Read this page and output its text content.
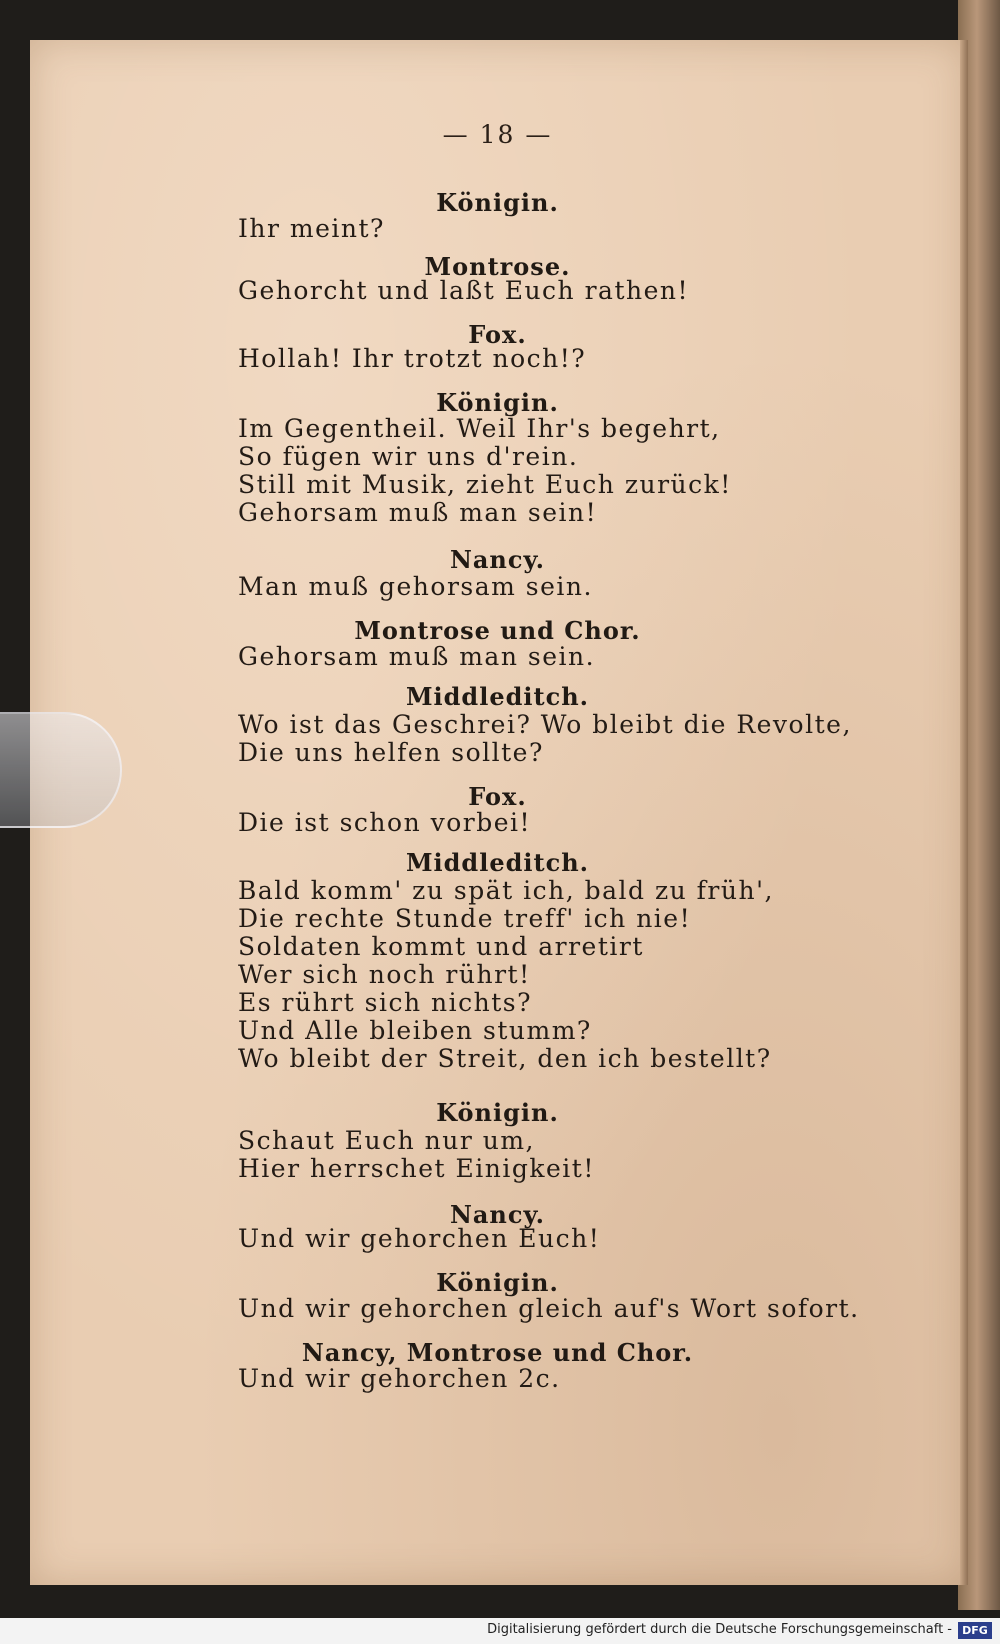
— 18 —
Königin.
Ihr meint?
Montrose.
Gehorcht und laßt Euch rathen!
Fox.
Hollah! Ihr trotzt noch!?
Königin.
Im Gegentheil. Weil Ihr's begehrt,
So fügen wir uns d'rein.
Still mit Musik, zieht Euch zurück!
Gehorsam muß man sein!
Nancy.
Man muß gehorsam sein.
Montrose und Chor.
Gehorsam muß man sein.
Middleditch.
Wo ist das Geschrei? Wo bleibt die Revolte,
Die uns helfen sollte?
Fox.
Die ist schon vorbei!
Middleditch.
Bald komm' zu spät ich, bald zu früh',
Die rechte Stunde treff' ich nie!
Soldaten kommt und arretirt
Wer sich noch rührt!
Es rührt sich nichts?
Und Alle bleiben stumm?
Wo bleibt der Streit, den ich bestellt?
Königin.
Schaut Euch nur um,
Hier herrschet Einigkeit!
Nancy.
Und wir gehorchen Euch!
Königin.
Und wir gehorchen gleich auf's Wort sofort.
Nancy, Montrose und Chor.
Und wir gehorchen 2c.
Digitalisierung gefördert durch die Deutsche Forschungsgemeinschaft - DFG
